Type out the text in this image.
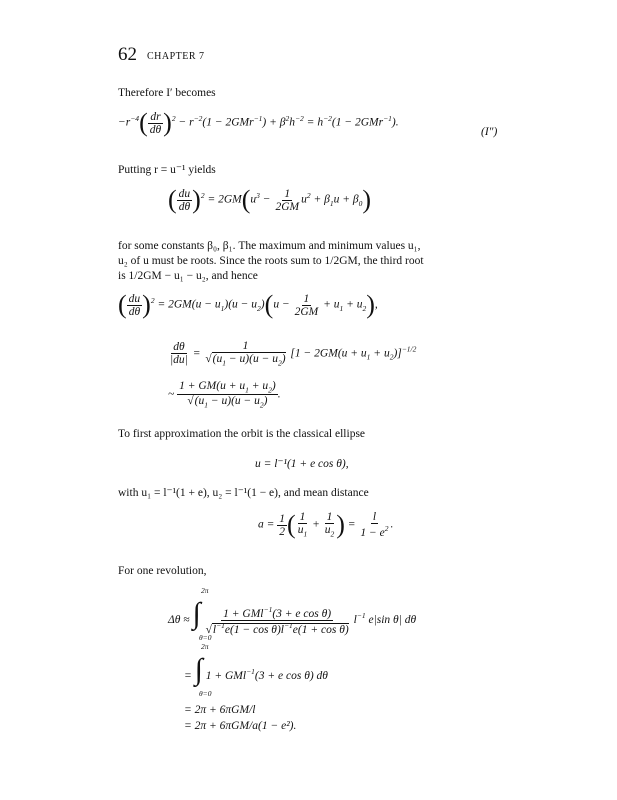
62 CHAPTER 7
Therefore I′ becomes
$-r^{-4}( \frac{dr}{d\theta} )^2 - r^{-2}(1 - 2GMr^{-1}) + \beta^2h^{-2} = h^{-2}(1 - 2GMr^{-1})$.
(I″)
Putting r = u⁻¹ yields
( $\frac{du}{d\theta} )^2 = 2GM(u^3 - \frac{1}{2GM} u^2 + \beta_1u + \beta_0)$
for some constants β₀, β₁. The maximum and minimum values u₁,
u₂ of u must be roots. Since the roots sum to 1/2GM, the third root
is 1/2GM − u₁ − u₂, and hence
( $\frac{du}{d\theta} )^2 = 2GM(u - u_1)(u - u_2)(u - \frac{1}{2GM} + u_1 + u_2)$,
$\frac{d\theta}{|du|} = \frac{1}{√(u_1 - u)(u - u_2)} [1 - 2GM(u + u_1 + u_2)]^{-1/2}$
~ $\frac{1 + GM(u + u_1 + u_2)}{√(u_1 - u)(u - u_2)}$ .
To first approximation the orbit is the classical ellipse
u = l⁻¹(1 + e cos θ),
with u₁ = l⁻¹(1 + e), u₂ = l⁻¹(1 − e), and mean distance
$a = \frac{1}{2}$ ( $\frac{1}{u_1} + \frac{1}{u_2}$ ) = $\frac{l}{1 - e^2}$ .
For one revolution,
2π
Δθ ≈ ∫ $\frac{1 + GMl^{-1}(3 + e \cos \theta)}{√l^{-1}e(1 - \cos \theta)l^{-1}e(1 + \cos \theta)} l^{-1}$ e|sin θ| dθ
θ=0
2π
= ∫ 1 + GMl$^{-1}$(3 + e cos θ) dθ
θ=0
= 2π + 6πGM/l
= 2π + 6πGM/a(1 − e²).
